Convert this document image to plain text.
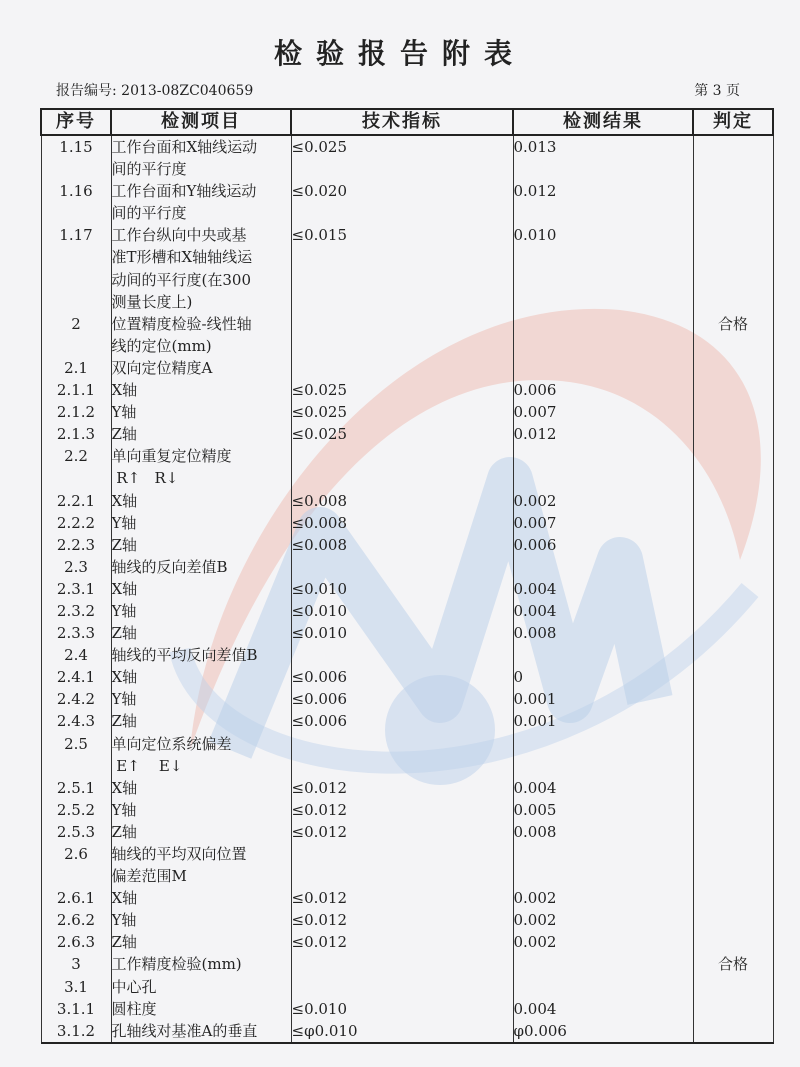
检验报告附表
报告编号: 2013-08ZC040659	第 3 页
序号	检测项目	技术指标	检测结果	判定
1.15	工作台面和X轴线运动
间的平行度	≤0.025	0.013	
1.16	工作台面和Y轴线运动
间的平行度	≤0.020	0.012	
1.17	工作台纵向中央或基
准T形槽和X轴轴线运
动间的平行度(在300
测量长度上)	≤0.015	0.010	
2	位置精度检验-线性轴
线的定位(mm)			合格
2.1	双向定位精度A			
2.1.1	X轴	≤0.025	0.006	
2.1.2	Y轴	≤0.025	0.007	
2.1.3	Z轴	≤0.025	0.012	
2.2	单向重复定位精度
R↑   R↓			
2.2.1	X轴	≤0.008	0.002	
2.2.2	Y轴	≤0.008	0.007	
2.2.3	Z轴	≤0.008	0.006	
2.3	轴线的反向差值B			
2.3.1	X轴	≤0.010	0.004	
2.3.2	Y轴	≤0.010	0.004	
2.3.3	Z轴	≤0.010	0.008	
2.4	轴线的平均反向差值B			
2.4.1	X轴	≤0.006	0	
2.4.2	Y轴	≤0.006	0.001	
2.4.3	Z轴	≤0.006	0.001	
2.5	单向定位系统偏差
E↑    E↓			
2.5.1	X轴	≤0.012	0.004	
2.5.2	Y轴	≤0.012	0.005	
2.5.3	Z轴	≤0.012	0.008	
2.6	轴线的平均双向位置
偏差范围M			
2.6.1	X轴	≤0.012	0.002	
2.6.2	Y轴	≤0.012	0.002	
2.6.3	Z轴	≤0.012	0.002	
3	工作精度检验(mm)			合格
3.1	中心孔			
3.1.1	圆柱度	≤0.010	0.004	
3.1.2	孔轴线对基准A的垂直	≤φ0.010	φ0.006	
